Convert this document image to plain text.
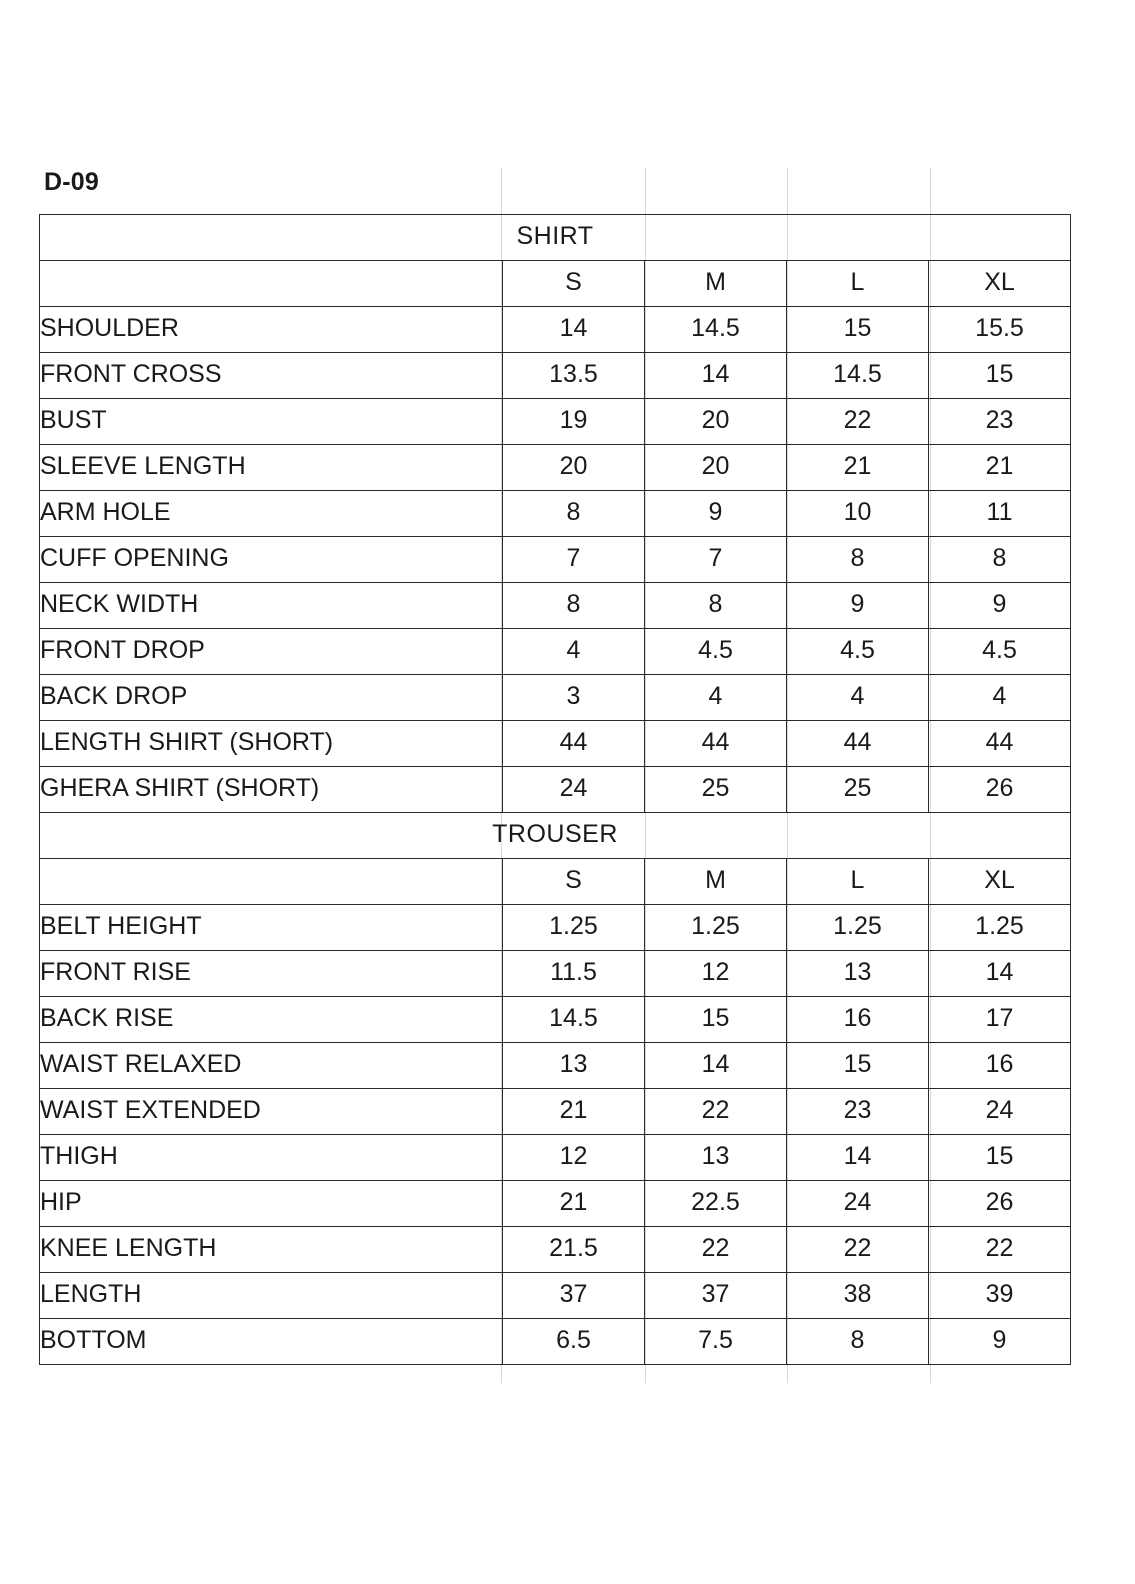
D-09
SHIRT				
	S	M	L	XL
SHOULDER	14	14.5	15	15.5
FRONT CROSS	13.5	14	14.5	15
BUST	19	20	22	23
SLEEVE LENGTH	20	20	21	21
ARM HOLE	8	9	10	11
CUFF OPENING	7	7	8	8
NECK WIDTH	8	8	9	9
FRONT DROP	4	4.5	4.5	4.5
BACK DROP	3	4	4	4
LENGTH SHIRT (SHORT)	44	44	44	44
GHERA SHIRT (SHORT)	24	25	25	26
TROUSER				
	S	M	L	XL
BELT HEIGHT	1.25	1.25	1.25	1.25
FRONT RISE	11.5	12	13	14
BACK RISE	14.5	15	16	17
WAIST RELAXED	13	14	15	16
WAIST EXTENDED	21	22	23	24
THIGH	12	13	14	15
HIP	21	22.5	24	26
KNEE LENGTH	21.5	22	22	22
LENGTH	37	37	38	39
BOTTOM	6.5	7.5	8	9
